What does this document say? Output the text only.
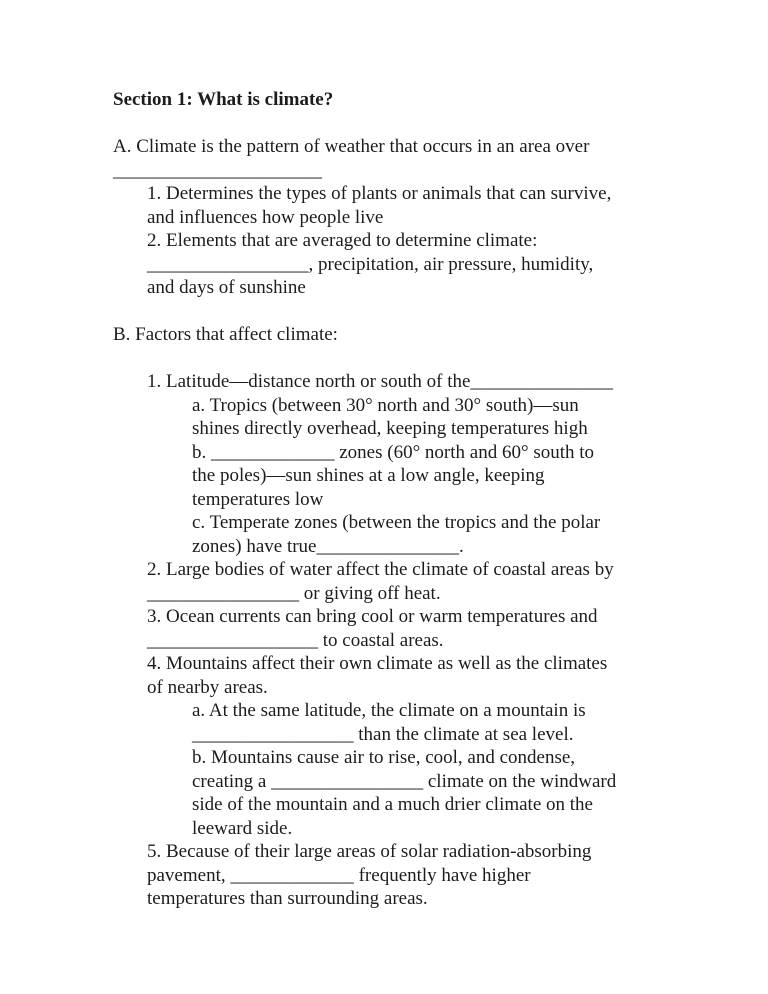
Section 1: What is climate?
A. Climate is the pattern of weather that occurs in an area over
______________________
1. Determines the types of plants or animals that can survive,
and influences how people live
2. Elements that are averaged to determine climate:
_________________, precipitation, air pressure, humidity,
and days of sunshine
B. Factors that affect climate:
1. Latitude—distance north or south of the_______________
a. Tropics (between 30° north and 30° south)—sun
shines directly overhead, keeping temperatures high
b. _____________ zones (60° north and 60° south to
the poles)—sun shines at a low angle, keeping
temperatures low
c. Temperate zones (between the tropics and the polar
zones) have true_______________.
2. Large bodies of water affect the climate of coastal areas by
________________ or giving off heat.
3. Ocean currents can bring cool or warm temperatures and
__________________ to coastal areas.
4. Mountains affect their own climate as well as the climates
of nearby areas.
a. At the same latitude, the climate on a mountain is
_________________ than the climate at sea level.
b. Mountains cause air to rise, cool, and condense,
creating a ________________ climate on the windward
side of the mountain and a much drier climate on the
leeward side.
5. Because of their large areas of solar radiation-absorbing
pavement, _____________ frequently have higher
temperatures than surrounding areas.
